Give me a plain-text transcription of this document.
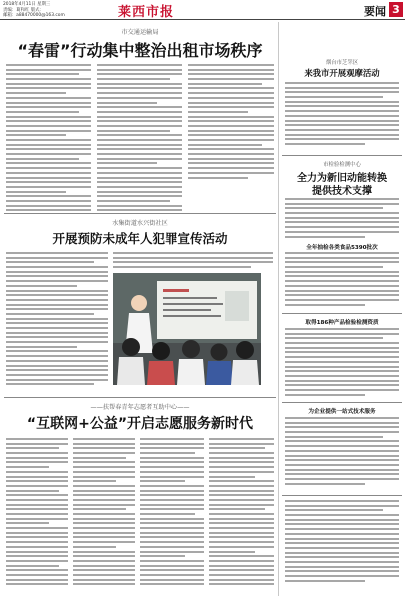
2018年4月11日 星期三
责编：葛和红 版式：
邮箱：a88470000@163.com	莱西市报	要闻 3
市交通运输局
“春雷”行动集中整治出租市场秩序
水集街道水兴街社区
开展预防未成年人犯罪宣传活动
——扶帮春青年志愿者互助中心——
“互联网+公益”开启志愿服务新时代
烟台市芝罘区
来我市开展观摩活动
市检验检测中心
全力为新旧动能转换
提供技术支撑
全年抽检各类食品5390批次
取得186种产品检验检测资质
为企业提供一站式技术服务
